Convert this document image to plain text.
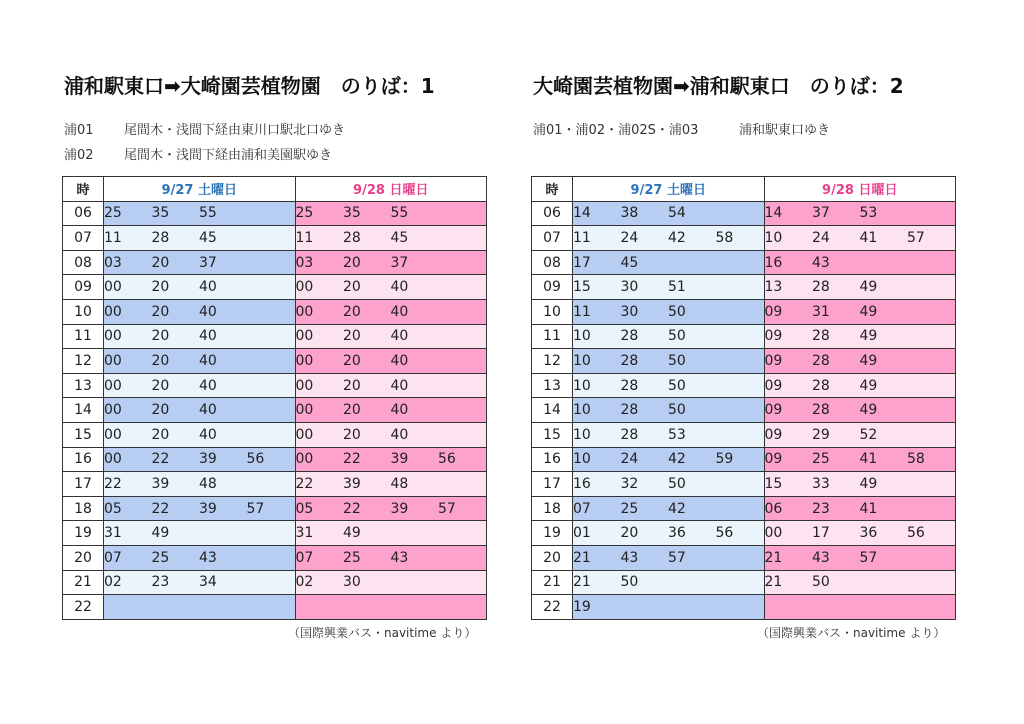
浦和駅東口➡大崎園芸植物園　のりば：1
浦01 尾間木・浅間下経由東川口駅北口ゆき
浦02 尾間木・浅間下経由浦和美園駅ゆき
時	9/27 土曜日	9/28 日曜日
06	25 35 55	25 35 55
07	11 28 45	11 28 45
08	03 20 37	03 20 37
09	00 20 40	00 20 40
10	00 20 40	00 20 40
11	00 20 40	00 20 40
12	00 20 40	00 20 40
13	00 20 40	00 20 40
14	00 20 40	00 20 40
15	00 20 40	00 20 40
16	00 22 39 56	00 22 39 56
17	22 39 48	22 39 48
18	05 22 39 57	05 22 39 57
19	31 49	31 49
20	07 25 43	07 25 43
21	02 23 34	02 30
22		
（国際興業バス・navitime より）
大崎園芸植物園➡浦和駅東口　のりば：2
浦01・浦02・浦02S・浦03	浦和駅東口ゆき
時	9/27 土曜日	9/28 日曜日
06	14 38 54	14 37 53
07	11 24 42 58	10 24 41 57
08	17 45	16 43
09	15 30 51	13 28 49
10	11 30 50	09 31 49
11	10 28 50	09 28 49
12	10 28 50	09 28 49
13	10 28 50	09 28 49
14	10 28 50	09 28 49
15	10 28 53	09 29 52
16	10 24 42 59	09 25 41 58
17	16 32 50	15 33 49
18	07 25 42	06 23 41
19	01 20 36 56	00 17 36 56
20	21 43 57	21 43 57
21	21 50	21 50
22	19	
（国際興業バス・navitime より）
